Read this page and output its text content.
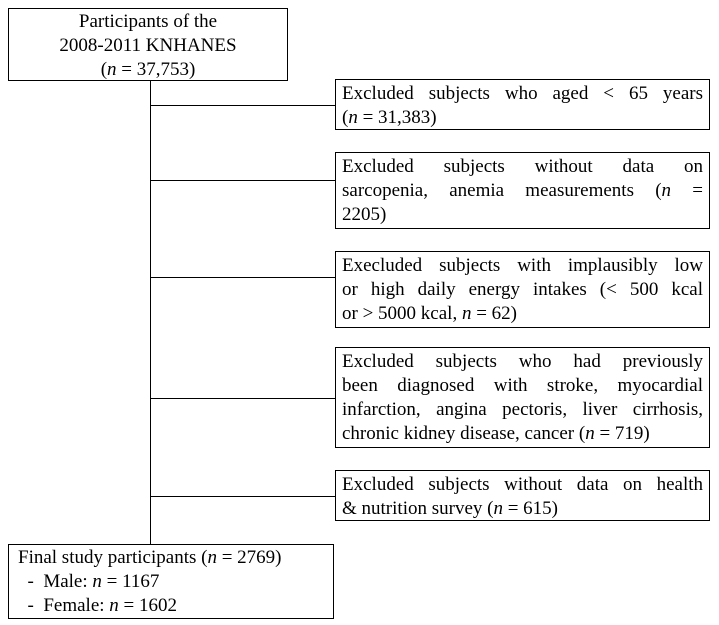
Participants of the
2008-2011 KNHANES
(n = 37,753)
Excluded subjects who aged < 65 years
(n = 31,383)
Excluded subjects without data on
sarcopenia, anemia measurements (n =
2205)
Execluded subjects with implausibly low
or high daily energy intakes (< 500 kcal
or > 5000 kcal, n = 62)
Excluded subjects who had previously
been diagnosed with stroke, myocardial
infarction, angina pectoris, liver cirrhosis,
chronic kidney disease, cancer (n = 719)
Excluded subjects without data on health
& nutrition survey (n = 615)
Final study participants (n = 2769)
-  Male: n = 1167
-  Female: n = 1602
